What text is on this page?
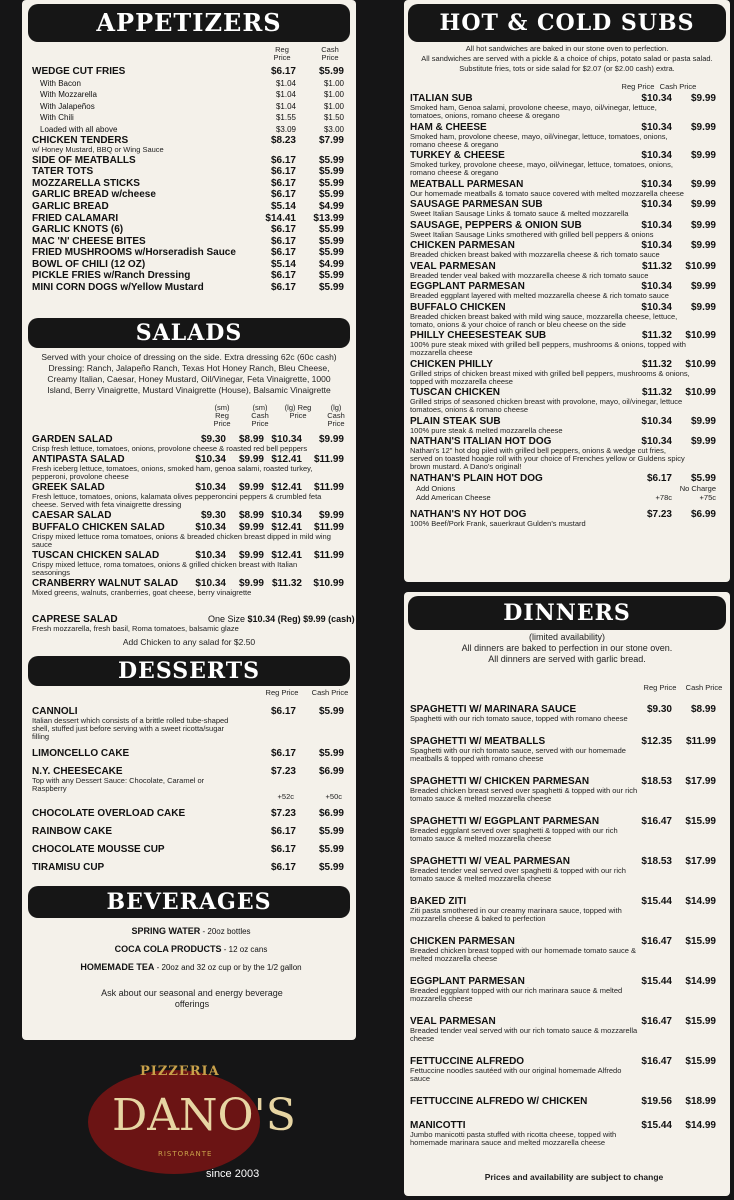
APPETIZERS
Reg Price
Cash Price
WEDGE CUT FRIES	$6.17 $5.99
With Bacon	$1.04	$1.00
With Mozzarella	$1.04	$1.00
With Jalapeños	$1.04	$1.00
With Chili	$1.55	$1.50
Loaded with all above	$3.09	$3.00
CHICKEN TENDERS	$8.23 $7.99
w/ Honey Mustard, BBQ or Wing Sauce
SIDE OF MEATBALLS	$6.17 $5.99
TATER TOTS	$6.17 $5.99
MOZZARELLA STICKS	$6.17 $5.99
GARLIC BREAD w/cheese	$6.17 $5.99
GARLIC BREAD	$5.14 $4.99
FRIED CALAMARI	$14.41 $13.99
GARLIC KNOTS (6)	$6.17 $5.99
MAC 'N' CHEESE BITES	$6.17 $5.99
FRIED MUSHROOMS w/Horseradish Sauce	$6.17 $5.99
BOWL OF CHILI (12 OZ)	$5.14 $4.99
PICKLE FRIES w/Ranch Dressing	$6.17 $5.99
MINI CORN DOGS w/Yellow Mustard	$6.17 $5.99
SALADS
Served with your choice of dressing on the side. Extra dressing 62c (60c cash) Dressing: Ranch, Jalapeño Ranch, Texas Hot Honey Ranch, Bleu Cheese, Creamy Italian, Caesar, Honey Mustard, Oil/Vinegar, Feta Vinaigrette, 1000 Island, Berry Vinaigrette, Mustard Vinaigrette (House), Balsamic Vinaigrette
(sm) Reg Price
(sm) Cash Price
(lg) Reg Price
(lg) Cash Price
GARDEN SALAD	$9.30 $8.99 $10.34 $9.99
Crisp fresh lettuce, tomatoes, onions, provolone cheese & roasted red bell peppers
ANTIPASTA SALAD	$10.34 $9.99 $12.41 $11.99
Fresh iceberg lettuce, tomatoes, onions, smoked ham, genoa salami, roasted turkey, pepperoni, provolone cheese
GREEK SALAD	$10.34 $9.99 $12.41 $11.99
Fresh lettuce, tomatoes, onions, kalamata olives pepperoncini peppers & crumbled feta cheese. Served with feta vinaigrette dressing
CAESAR SALAD	$9.30 $8.99 $10.34 $9.99
BUFFALO CHICKEN SALAD	$10.34 $9.99 $12.41 $11.99
Crispy mixed lettuce roma tomatoes, onions & breaded chicken breast dipped in mild wing sauce
TUSCAN CHICKEN SALAD	$10.34 $9.99 $12.41 $11.99
Crispy mixed lettuce, roma tomatoes, onions & grilled chicken breast with Italian seasonings
CRANBERRY WALNUT SALAD $10.34 $9.99 $11.32 $10.99
Mixed greens, walnuts, cranberries, goat cheese, berry vinaigrette
CAPRESE SALAD	One Size $10.34 (Reg) $9.99 (cash)
Fresh mozzarella, fresh basil, Roma tomatoes, balsamic glaze
Add Chicken to any salad for $2.50
DESSERTS
Reg Price	Cash Price
CANNOLI	$6.17 $5.99
Italian dessert which consists of a brittle rolled tube-shaped shell, stuffed just before serving with a sweet ricotta/sugar filling
LIMONCELLO CAKE	$6.17 $5.99
N.Y. CHEESECAKE	$7.23 $6.99
Top with any Dessert Sauce: Chocolate, Caramel or Raspberry
+52c	+50c
CHOCOLATE OVERLOAD CAKE	$7.23 $6.99
RAINBOW CAKE	$6.17 $5.99
CHOCOLATE MOUSSE CUP	$6.17 $5.99
TIRAMISU CUP	$6.17 $5.99
BEVERAGES
SPRING WATER - 20oz bottles
COCA COLA PRODUCTS - 12 oz cans
HOMEMADE TEA - 20oz and 32 oz cup or by the 1/2 gallon
Ask about our seasonal and energy beverage offerings
PIZZERIA
DANO'S
RISTORANTE
since 2003
HOT & COLD SUBS
All hot sandwiches are baked in our stone oven to perfection.
All sandwiches are served with a pickle & a choice of chips, potato salad or pasta salad.
Substitute fries, tots or side salad for $2.07 (or $2.00 cash) extra.
Reg Price Cash Price
ITALIAN SUB	$10.34 $9.99
Smoked ham, Genoa salami, provolone cheese, mayo, oil/vinegar, lettuce, tomatoes, onions, romano cheese & oregano
HAM & CHEESE	$10.34 $9.99
Smoked ham, provolone cheese, mayo, oil/vinegar, lettuce, tomatoes, onions, romano cheese & oregano
TURKEY & CHEESE	$10.34 $9.99
Smoked turkey, provolone cheese, mayo, oil/vinegar, lettuce, tomatoes, onions, romano cheese & oregano
MEATBALL PARMESAN	$10.34 $9.99
Our homemade meatballs & tomato sauce covered with melted mozzarella cheese
SAUSAGE PARMESAN SUB	$10.34 $9.99
Sweet Italian Sausage Links & tomato sauce & melted mozzarella
SAUSAGE, PEPPERS & ONION SUB	$10.34 $9.99
Sweet Italian Sausage Links smothered with grilled bell peppers & onions
CHICKEN PARMESAN	$10.34 $9.99
Breaded chicken breast baked with mozzarella cheese & rich tomato sauce
VEAL PARMESAN	$11.32 $10.99
Breaded tender veal baked with mozzarella cheese & rich tomato sauce
EGGPLANT PARMESAN	$10.34 $9.99
Breaded eggplant layered with melted mozzarella cheese & rich tomato sauce
BUFFALO CHICKEN	$10.34 $9.99
Breaded chicken breast baked with mild wing sauce, mozzarella cheese, lettuce, tomato, onions & your choice of ranch or bleu cheese on the side
PHILLY CHEESESTEAK SUB	$11.32 $10.99
100% pure steak mixed with grilled bell peppers, mushrooms & onions, topped with mozzarella cheese
CHICKEN PHILLY	$11.32 $10.99
Grilled strips of chicken breast mixed with grilled bell peppers, mushrooms & onions, topped with mozzarella cheese
TUSCAN CHICKEN	$11.32 $10.99
Grilled strips of seasoned chicken breast with provolone, mayo, oil/vinegar, lettuce tomatoes, onions & romano cheese
PLAIN STEAK SUB	$10.34 $9.99
100% pure steak & melted mozzarella cheese
NATHAN'S ITALIAN HOT DOG	$10.34 $9.99
Nathan's 12" hot dog piled with grilled bell peppers, onions & wedge cut fries, served on toasted hoagie roll with your choice of Frenches yellow or Guldens spicy brown mustard. A Dano's original!
NATHAN'S PLAIN HOT DOG	$6.17 $5.99
Add Onions	No Charge
Add American Cheese	+78c	+75c
NATHAN'S NY HOT DOG	$7.23 $6.99
100% Beef/Pork Frank, sauerkraut Gulden's mustard
DINNERS
(limited availability)
All dinners are baked to perfection in our stone oven.
All dinners are served with garlic bread.
Reg Price	Cash Price
SPAGHETTI W/ MARINARA SAUCE	$9.30 $8.99
Spaghetti with our rich tomato sauce, topped with romano cheese
SPAGHETTI W/ MEATBALLS	$12.35 $11.99
Spaghetti with our rich tomato sauce, served with our homemade meatballs & topped with romano cheese
SPAGHETTI W/ CHICKEN PARMESAN	$18.53 $17.99
Breaded chicken breast served over spaghetti & topped with our rich tomato sauce & melted mozzarella cheese
SPAGHETTI W/ EGGPLANT PARMESAN	$16.47 $15.99
Breaded eggplant served over spaghetti & topped with our rich tomato sauce & melted mozzarella cheese
SPAGHETTI W/ VEAL PARMESAN	$18.53 $17.99
Breaded tender veal served over spaghetti & topped with our rich tomato sauce & melted mozzarella cheese
BAKED ZITI	$15.44 $14.99
Ziti pasta smothered in our creamy marinara sauce, topped with mozzarella cheese & baked to perfection
CHICKEN PARMESAN	$16.47 $15.99
Breaded chicken breast topped with our homemade tomato sauce & melted mozzarella cheese
EGGPLANT PARMESAN	$15.44 $14.99
Breaded eggplant topped with our rich marinara sauce & melted mozzarella cheese
VEAL PARMESAN	$16.47 $15.99
Breaded tender veal served with our rich tomato sauce & mozzarella cheese
FETTUCCINE ALFREDO	$16.47 $15.99
Fettuccine noodles sautéed with our original homemade Alfredo sauce
FETTUCCINE ALFREDO W/ CHICKEN	$19.56 $18.99
MANICOTTI	$15.44 $14.99
Jumbo manicotti pasta stuffed with ricotta cheese, topped with homemade marinara sauce and melted mozzarella cheese
Prices and availability are subject to change
